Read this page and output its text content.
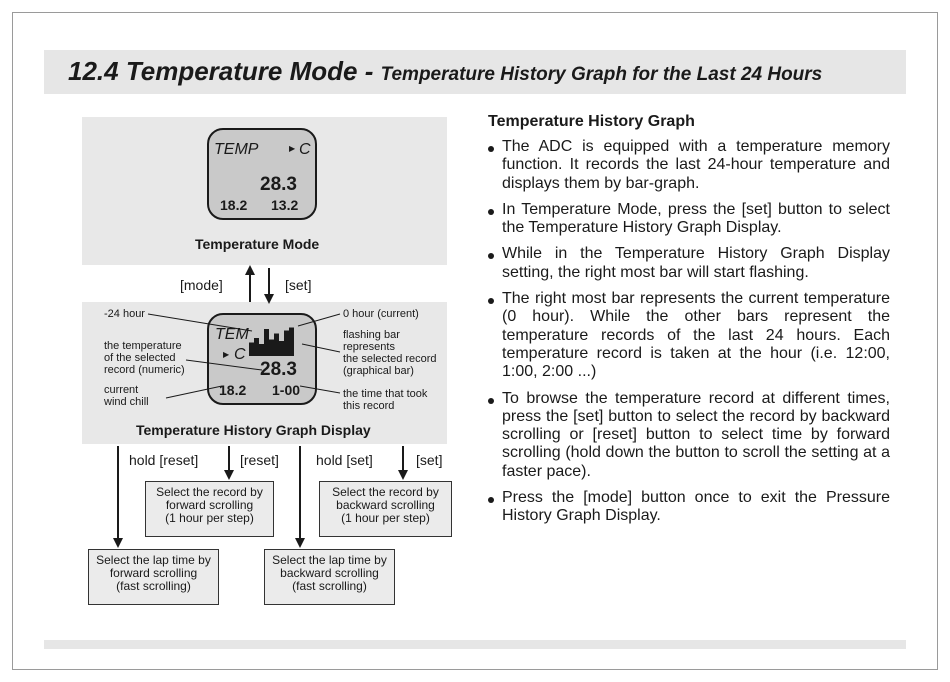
12.4 Temperature Mode - Temperature History Graph for the Last 24 Hours
TEMP	▶ C
28.3
18.2 13.2
Temperature Mode
[mode]	[set]
TEM
▶ C
28.3
18.2 1-00
-24 hour
the temperature
of the selected
record (numeric)
current
wind chill
0 hour (current)
flashing bar
represents
the selected record
(graphical bar)
the time that took
this record
Temperature History Graph Display
hold [reset]	[reset]	hold [set]	[set]
Select the record by
forward scrolling
(1 hour per step)
Select the record by
backward scrolling
(1 hour per step)
Select the lap time by
forward scrolling
(fast scrolling)
Select the lap time by
backward scrolling
(fast scrolling)
Temperature History Graph
The ADC is equipped with a temperature memory function. It records the last 24-hour temperature and displays them by bar-graph.
In Temperature Mode, press the [set] button to select the Temperature History Graph Display.
While in the Temperature History Graph Display setting, the right most bar will start flashing.
The right most bar represents the current temperature (0 hour). While the other bars represent the temperature records of the last 24 hours. Each temperature record is taken at the hour (i.e. 12:00, 1:00, 2:00 ...)
To browse the temperature record at different times, press the [set] button to select the record by backward scrolling or [reset] button to select time by forward scrolling (hold down the button to scroll the setting at a faster pace).
Press the [mode] button once to exit the Pressure History Graph Display.
